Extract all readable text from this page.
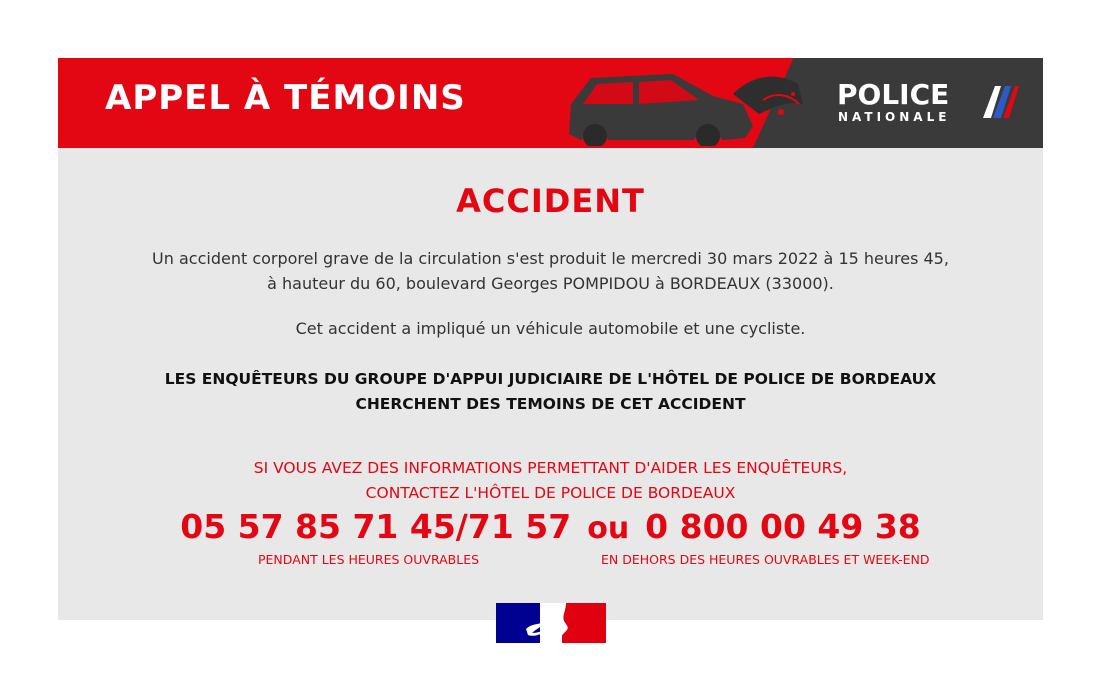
APPEL À TÉMOINS	POLICE
NATIONALE
ACCIDENT
Un accident corporel grave de la circulation s'est produit le mercredi 30 mars 2022 à 15 heures 45,
à hauteur du 60, boulevard Georges POMPIDOU à BORDEAUX (33000).
Cet accident a impliqué un véhicule automobile et une cycliste.
LES ENQUÊTEURS DU GROUPE D'APPUI JUDICIAIRE DE L'HÔTEL DE POLICE DE BORDEAUX
CHERCHENT DES TEMOINS DE CET ACCIDENT
SI VOUS AVEZ DES INFORMATIONS PERMETTANT D'AIDER LES ENQUÊTEURS,
CONTACTEZ L'HÔTEL DE POLICE DE BORDEAUX
05 57 85 71 45/71 57 ou 0 800 00 49 38
PENDANT LES HEURES OUVRABLES	EN DEHORS DES HEURES OUVRABLES ET WEEK-END
